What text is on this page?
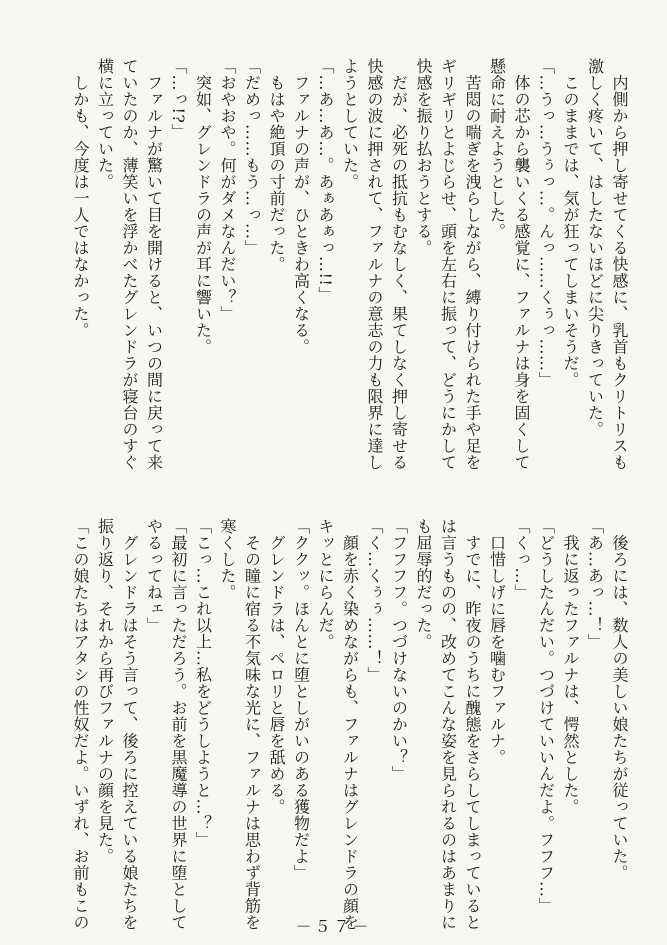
　内側から押し寄せてくる快感に、乳首もクリトリスも
激しく疼いて、はしたないほどに尖りきっていた。
　このままでは、気が狂ってしまいそうだ。
「…うっ…うぅっ…。んっ……くぅっ……」
　体の芯から襲いくる感覚に、ファルナは身を固くして
懸命に耐えようとした。
　苦悶の喘ぎを洩らしながら、縛り付けられた手や足を
ギリギリとよじらせ、頭を左右に振って、どうにかして
快感を振り払おうとする。
　だが、必死の抵抗もむなしく、果てしなく押し寄せる
快感の波に押されて、ファルナの意志の力も限界に達し
ようとしていた。
「…あ…あ…。あぁあぁっ…!!」
　ファルナの声が、ひときわ高くなる。
　もはや絶頂の寸前だった。
「だめっ……もう…っ…」
「おやおや。何がダメなんだい？」
　突如、グレンドラの声が耳に響いた。
「…っ!?」
　ファルナが驚いて目を開けると、いつの間に戻って来
ていたのか、薄笑いを浮かべたグレンドラが寝台のすぐ
横に立っていた。
　しかも、今度は一人ではなかった。
　後ろには、数人の美しい娘たちが従っていた。
「あ…あっ…！」
　我に返ったファルナは、愕然とした。
「どうしたんだい。つづけていいんだよ。フフフ…」
「くっ…」
　口惜しげに唇を噛むファルナ。
　すでに、昨夜のうちに醜態をさらしてしまっていると
は言うものの、改めてこんな姿を見られるのはあまりに
も屈辱的だった。
「フフフフ。つづけないのかい？」
「く…くぅぅ……！」
　顔を赤く染めながらも、ファルナはグレンドラの顔を
キッとにらんだ。
「ククッ。ほんとに堕としがいのある獲物だよ」
　グレンドラは、ペロリと唇を舐める。
　その瞳に宿る不気味な光に、ファルナは思わず背筋を
寒くした。
「こっ…これ以上…私をどうしようと…？」
「最初に言っただろう。お前を黒魔導の世界に堕として
やるってねェ」
　グレンドラはそう言って、後ろに控えている娘たちを
振り返り、それから再びファルナの顔を見た。
「この娘たちはアタシの性奴だよ。いずれ、お前もこの	－５７－
